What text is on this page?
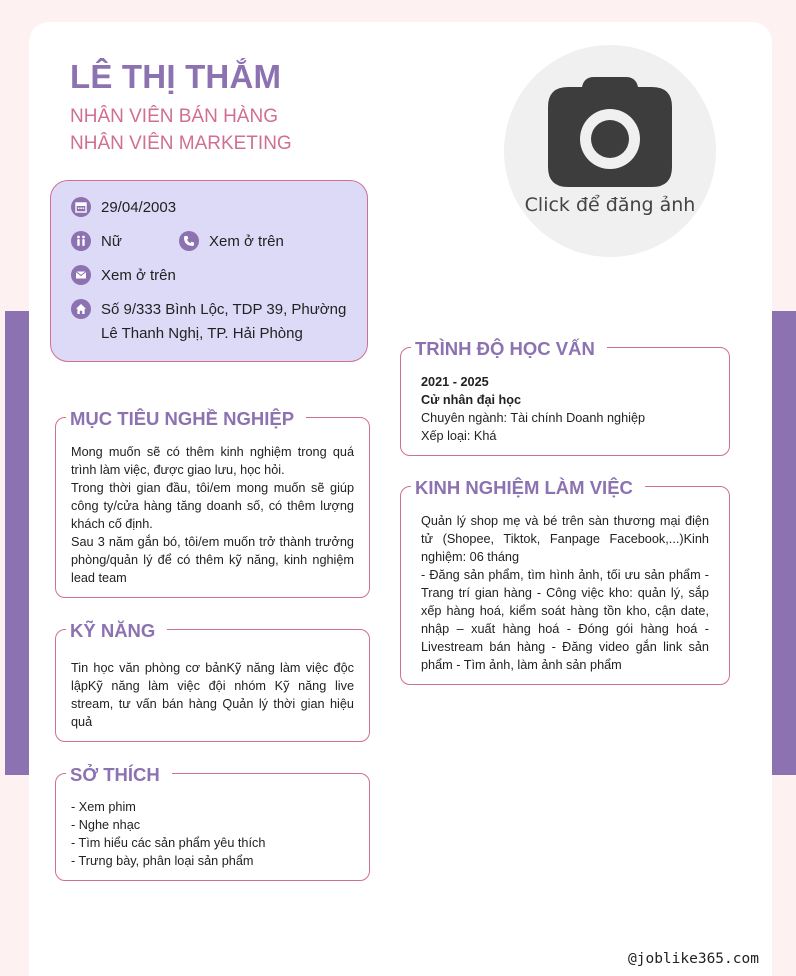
LÊ THỊ THẮM
NHÂN VIÊN BÁN HÀNG
NHÂN VIÊN MARKETING
Click để đăng ảnh
29/04/2003
Nữ	Xem ở trên
Xem ở trên
Số 9/333 Bình Lộc, TDP 39, Phường
Lê Thanh Nghị, TP. Hải Phòng
MỤC TIÊU NGHỀ NGHIỆP

Mong muốn sẽ có thêm kinh nghiệm trong quá trình làm việc, được giao lưu, học hỏi.

Trong thời gian đầu, tôi/em mong muốn sẽ giúp công ty/cửa hàng tăng doanh số, có thêm lượng khách cố định.

Sau 3 năm gắn bó, tôi/em muốn trở thành trưởng phòng/quản lý để có thêm kỹ năng, kinh nghiệm lead team

KỸ NĂNG
Tin học văn phòng cơ bảnKỹ năng làm việc độc lậpKỹ năng làm việc đội nhóm Kỹ năng live stream, tư vấn bán hàng Quản lý thời gian hiệu quả
SỞ THÍCH

- Xem phim

- Nghe nhạc

- Tìm hiểu các sản phẩm yêu thích

- Trưng bày, phân loại sản phẩm

TRÌNH ĐỘ HỌC VẤN

2021 - 2025

Cử nhân đại học

Chuyên ngành: Tài chính Doanh nghiệp

Xếp loại: Khá

KINH NGHIỆM LÀM VIỆC

Quản lý shop mẹ và bé trên sàn thương mại điện tử (Shopee, Tiktok, Fanpage Facebook,...)Kinh nghiệm: 06 tháng

- Đăng sản phẩm, tìm hình ảnh, tối ưu sản phẩm - Trang trí gian hàng - Công việc kho: quản lý, sắp xếp hàng hoá, kiểm soát hàng tồn kho, cận date, nhập – xuất hàng hoá - Đóng gói hàng hoá - Livestream bán hàng - Đăng video gắn link sản phẩm - Tìm ảnh, làm ảnh sản phẩm

@joblike365.com
